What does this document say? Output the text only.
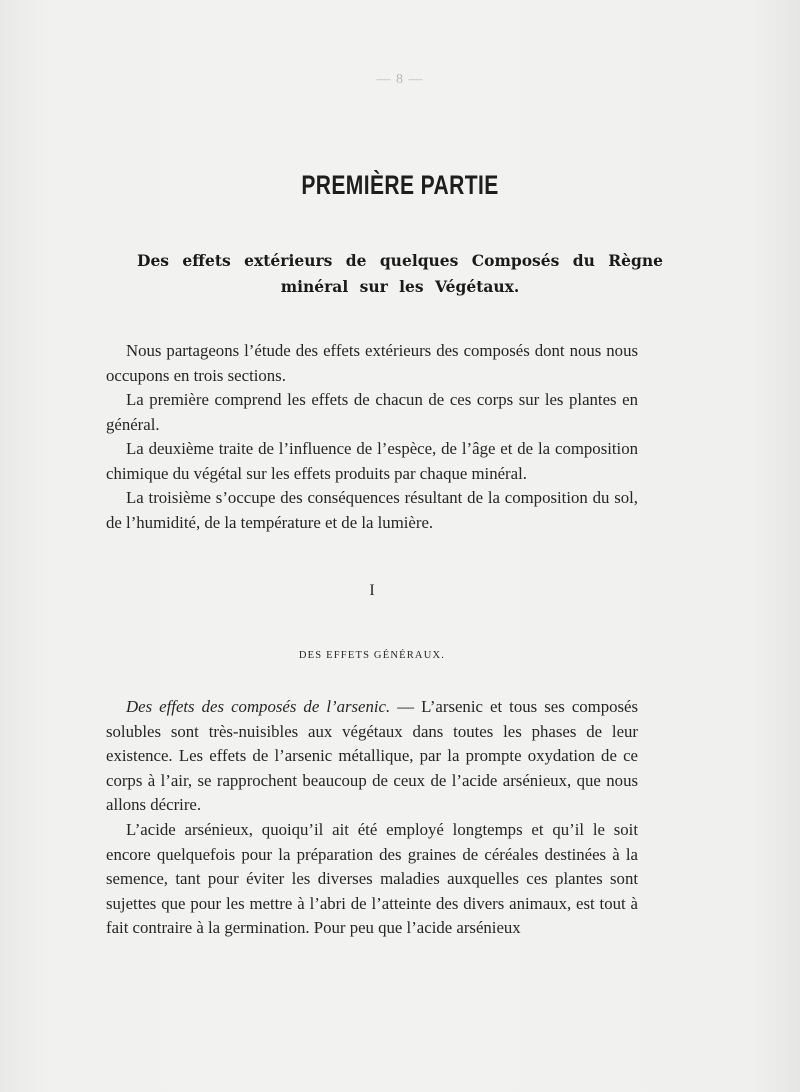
— 8 —
PREMIÈRE PARTIE
Des effets extérieurs de quelques Composés du Règne
minéral sur les Végétaux.

Nous partageons l’étude des effets extérieurs des composés dont nous nous occupons en trois sections.

La première comprend les effets de chacun de ces corps sur les plantes en général.

La deuxième traite de l’influence de l’espèce, de l’âge et de la composition chimique du végétal sur les effets produits par chaque minéral.

La troisième s’occupe des conséquences résultant de la composition du sol, de l’humidité, de la température et de la lumière.

I
DES EFFETS GÉNÉRAUX.

Des effets des composés de l’arsenic. — L’arsenic et tous ses composés solubles sont très-nuisibles aux végétaux dans toutes les phases de leur existence. Les effets de l’arsenic métallique, par la prompte oxydation de ce corps à l’air, se rapprochent beaucoup de ceux de l’acide arsénieux, que nous allons décrire.

L’acide arsénieux, quoiqu’il ait été employé longtemps et qu’il le soit encore quelquefois pour la préparation des graines de céréales destinées à la semence, tant pour éviter les diverses maladies auxquelles ces plantes sont sujettes que pour les mettre à l’abri de l’atteinte des divers animaux, est tout à fait contraire à la germination. Pour peu que l’acide arsénieux
